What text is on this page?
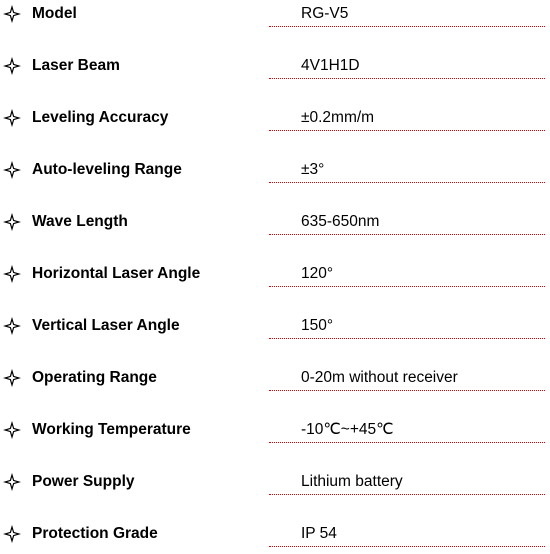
Model	RG-V5
Laser Beam	4V1H1D
Leveling Accuracy	±0.2mm/m
Auto-leveling Range	±3°
Wave Length	635-650nm
Horizontal Laser Angle	120°
Vertical Laser Angle	150°
Operating Range	0-20m without receiver
Working Temperature	-10℃~+45℃
Power Supply	Lithium battery
Protection Grade	IP 54
